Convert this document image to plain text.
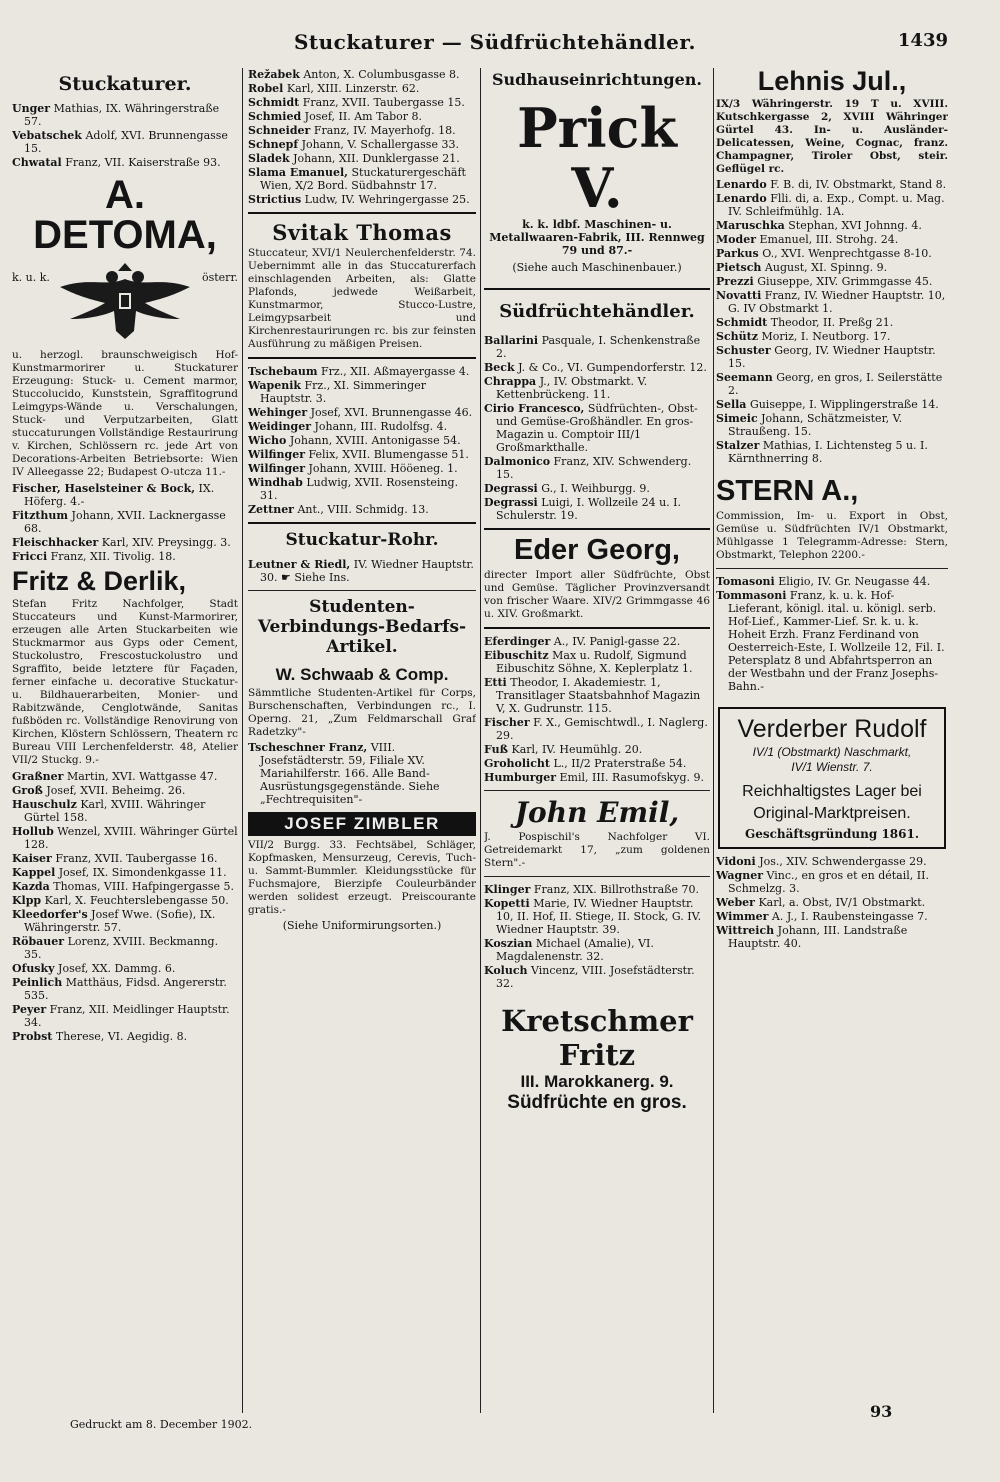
Stuckaturer — Südfrüchtehändler.	1439
Stuckaturer.
Unger Mathias, IX. Währingerstraße 57.
Vebatschek Adolf, XVI. Brunnengasse 15.
Chwatal Franz, VII. Kaiserstraße 93.
A. DETOMA,
k. u. k.	österr.
u. herzogl. braunschweigisch Hof-Kunstmarmorirer u. Stuckaturer Erzeugung: Stuck- u. Cement marmor, Stuccolucido, Kunststein, Sgraffitogrund Leimgyps-Wände u. Verschalungen, Stuck- und Verputzarbeiten, Glatt stuccaturungen Vollständige Restaurirung v. Kirchen, Schlössern rc. jede Art von Decorations-Arbeiten Betriebsorte: Wien IV Alleegasse 22; Budapest O-utcza 11.-
Fischer, Haselsteiner & Bock, IX. Höferg. 4.-
Fitzthum Johann, XVII. Lacknergasse 68.
Fleischhacker Karl, XIV. Preysingg. 3.
Fricci Franz, XII. Tivolig. 18.
Fritz & Derlik,
Stefan Fritz Nachfolger, Stadt Stuccateurs und Kunst-Marmorirer, erzeugen alle Arten Stuckarbeiten wie Stuckmarmor aus Gyps oder Cement, Stuckolustro, Frescostuckolustro und Sgraffito, beide letztere für Façaden, ferner einfache u. decorative Stuckatur- u. Bildhauerarbeiten, Monier- und Rabitzwände, Cenglotwände, Sanitas fußböden rc. Vollständige Renovirung von Kirchen, Klöstern Schlössern, Theatern rc Bureau VIII Lerchenfelderstr. 48, Atelier VII/2 Stuckg. 9.-
Graßner Martin, XVI. Wattgasse 47.
Groß Josef, XVII. Beheimg. 26.
Hauschulz Karl, XVIII. Währinger Gürtel 158.
Hollub Wenzel, XVIII. Währinger Gürtel 128.
Kaiser Franz, XVII. Taubergasse 16.
Kappel Josef, IX. Simondenkgasse 11.
Kazda Thomas, VIII. Hafpingergasse 5.
Klpp Karl, X. Feuchterslebengasse 50.
Kleedorfer's Josef Wwe. (Sofie), IX. Währingerstr. 57.
Röbauer Lorenz, XVIII. Beckmanng. 35.
Ofusky Josef, XX. Dammg. 6.
Peinlich Matthäus, Fidsd. Angererstr. 535.
Peyer Franz, XII. Meidlinger Hauptstr. 34.
Probst Therese, VI. Aegidig. 8.
Režabek Anton, X. Columbusgasse 8.
Robel Karl, XIII. Linzerstr. 62.
Schmidt Franz, XVII. Taubergasse 15.
Schmied Josef, II. Am Tabor 8.
Schneider Franz, IV. Mayerhofg. 18.
Schnepf Johann, V. Schallergasse 33.
Sladek Johann, XII. Dunklergasse 21.
Slama Emanuel, Stuckaturergeschäft Wien, X/2 Bord. Südbahnstr 17.
Strictius Ludw, IV. Wehringergasse 25.
Svitak Thomas
Stuccateur, XVI/1 Neulerchenfelderstr. 74. Uebernimmt alle in das Stuccaturerfach einschlagenden Arbeiten, als: Glatte Plafonds, jedwede Weißarbeit, Kunstmarmor, Stucco-Lustre, Leimgypsarbeit und Kirchenrestaurirungen rc. bis zur feinsten Ausführung zu mäßigen Preisen.
Tschebaum Frz., XII. Aßmayergasse 4.
Wapenik Frz., XI. Simmeringer Hauptstr. 3.
Wehinger Josef, XVI. Brunnengasse 46.
Weidinger Johann, III. Rudolfsg. 4.
Wicho Johann, XVIII. Antonigasse 54.
Wilfinger Felix, XVII. Blumengasse 51.
Wilfinger Johann, XVIII. Hööeneg. 1.
Windhab Ludwig, XVII. Rosensteing. 31.
Zettner Ant., VIII. Schmidg. 13.
Stuckatur-Rohr.
Leutner & Riedl, IV. Wiedner Hauptstr. 30. ☛ Siehe Ins.
Studenten-Verbindungs-Bedarfs-Artikel.
W. Schwaab & Comp.
Sämmtliche Studenten-Artikel für Corps, Burschenschaften, Verbindungen rc., I. Operng. 21, „Zum Feldmarschall Graf Radetzky"-
Tscheschner Franz, VIII. Josefstädterstr. 59, Filiale XV. Mariahilferstr. 166. Alle Band-Ausrüstungsgegenstände. Siehe „Fechtrequisiten"-
JOSEF ZIMBLER
VII/2 Burgg. 33. Fechtsäbel, Schläger, Kopfmasken, Mensurzeug, Cerevis, Tuch- u. Sammt-Bummler. Kleidungsstücke für Fuchsmajore, Bierzipfe Couleurbänder werden solidest erzeugt. Preiscourante gratis.-
(Siehe Uniformirungsorten.)
Sudhauseinrichtungen.
Prick V.
k. k. ldbf. Maschinen- u. Metallwaaren-Fabrik, III. Rennweg 79 und 87.-
(Siehe auch Maschinenbauer.)
Südfrüchtehändler.
Ballarini Pasquale, I. Schenkenstraße 2.
Beck J. & Co., VI. Gumpendorferstr. 12.
Chrappa J., IV. Obstmarkt. V. Kettenbrückeng. 11.
Cirio Francesco, Südfrüchten-, Obst- und Gemüse-Großhändler. En gros-Magazin u. Comptoir III/1 Großmarkthalle.
Dalmonico Franz, XIV. Schwenderg. 15.
Degrassi G., I. Weihburgg. 9.
Degrassi Luigi, I. Wollzeile 24 u. I. Schulerstr. 19.
Eder Georg,
directer Import aller Südfrüchte, Obst und Gemüse. Täglicher Provinzversandt von frischer Waare. XIV/2 Grimmgasse 46 u. XIV. Großmarkt.
Eferdinger A., IV. Panigl-gasse 22.
Eibuschitz Max u. Rudolf, Sigmund Eibuschitz Söhne, X. Keplerplatz 1.
Etti Theodor, I. Akademiestr. 1, Transitlager Staatsbahnhof Magazin V, X. Gudrunstr. 115.
Fischer F. X., Gemischtwdl., I. Naglerg. 29.
Fuß Karl, IV. Heumühlg. 20.
Groholicht L., II/2 Praterstraße 54.
Humburger Emil, III. Rasumofskyg. 9.
John Emil,
J. Pospischil's Nachfolger VI. Getreidemarkt 17, „zum goldenen Stern".-
Klinger Franz, XIX. Billrothstraße 70.
Kopetti Marie, IV. Wiedner Hauptstr. 10, II. Hof, II. Stiege, II. Stock, G. IV. Wiedner Hauptstr. 39.
Koszian Michael (Amalie), VI. Magdalenenstr. 32.
Koluch Vincenz, VIII. Josefstädterstr. 32.
Kretschmer Fritz
III. Marokkanerg. 9.
Südfrüchte en gros.
Lehnis Jul.,
IX/3 Währingerstr. 19 T u. XVIII. Kutschkergasse 2, XVIII Währinger Gürtel 43. In- u. Ausländer-Delicatessen, Weine, Cognac, franz. Champagner, Tiroler Obst, steir. Geflügel rc.
Lenardo F. B. di, IV. Obstmarkt, Stand 8.
Lenardo Flli. di, a. Exp., Compt. u. Mag. IV. Schleifmühlg. 1A.
Maruschka Stephan, XVI Johnng. 4.
Moder Emanuel, III. Strohg. 24.
Parkus O., XVI. Wenprechtgasse 8-10.
Pietsch August, XI. Spinng. 9.
Prezzi Giuseppe, XIV. Grimmgasse 45.
Novatti Franz, IV. Wiedner Hauptstr. 10, G. IV Obstmarkt 1.
Schmidt Theodor, II. Preßg 21.
Schütz Moriz, I. Neutborg. 17.
Schuster Georg, IV. Wiedner Hauptstr. 15.
Seemann Georg, en gros, I. Seilerstätte 2.
Sella Guiseppe, I. Wipplingerstraße 14.
Simeic Johann, Schätzmeister, V. Straußeng. 15.
Stalzer Mathias, I. Lichtensteg 5 u. I. Kärnthnerring 8.
STERN A.,
Commission, Im- u. Export in Obst, Gemüse u. Südfrüchten IV/1 Obstmarkt, Mühlgasse 1 Telegramm-Adresse: Stern, Obstmarkt, Telephon 2200.-
Tomasoni Eligio, IV. Gr. Neugasse 44.
Tommasoni Franz, k. u. k. Hof-Lieferant, königl. ital. u. königl. serb. Hof-Lief., Kammer-Lief. Sr. k. u. k. Hoheit Erzh. Franz Ferdinand von Oesterreich-Este, I. Wollzeile 12, Fil. I. Petersplatz 8 und Abfahrtsperron an der Westbahn und der Franz Josephs-Bahn.-
Verderber Rudolf
IV/1 (Obstmarkt) Naschmarkt,
IV/1 Wienstr. 7.
Reichhaltigstes Lager bei
Original-Marktpreisen.
Geschäftsgründung 1861.
Vidoni Jos., XIV. Schwendergasse 29.
Wagner Vinc., en gros et en détail, II. Schmelzg. 3.
Weber Karl, a. Obst, IV/1 Obstmarkt.
Wimmer A. J., I. Raubensteingasse 7.
Wittreich Johann, III. Landstraße Hauptstr. 40.
Gedruckt am 8. December 1902.
93
